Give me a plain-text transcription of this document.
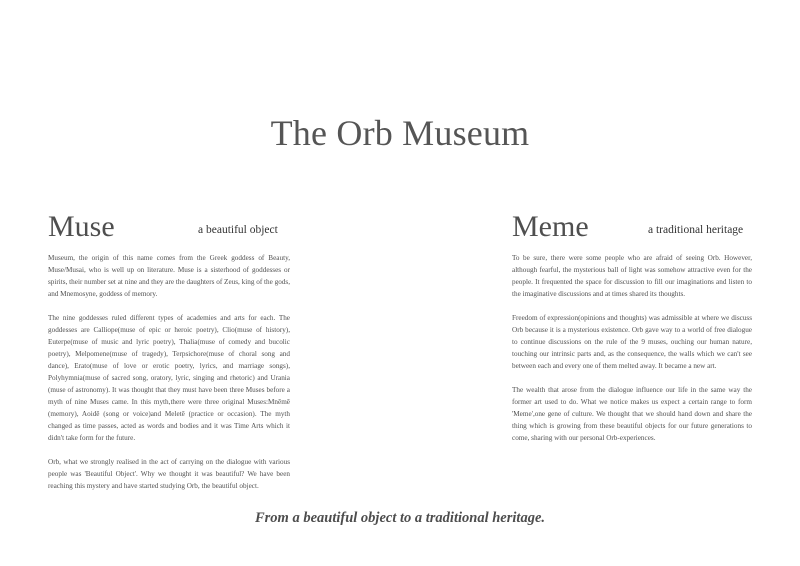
The Orb Museum
Muse	a beautiful object

Museum, the origin of this name comes from the Greek goddess of Beauty, Muse/Musai, who is well up on literature. Muse is a sisterhood of goddesses or spirits, their number set at nine and they are the daughters of Zeus, king of the gods, and Mnemosyne, goddess of memory.

The nine goddesses ruled different types of academies and arts for each. The goddesses are Calliope(muse of epic or heroic poetry), Clio(muse of history), Euterpe(muse of music and lyric poetry), Thalia(muse of comedy and bucolic poetry), Melpomene(muse of tragedy), Terpsichore(muse of choral song and dance), Erato(muse of love or erotic poetry, lyrics, and marriage songs), Polyhymnia(muse of sacred song, oratory, lyric, singing and rhetoric) and Urania (muse of astronomy). It was thought that they must have been three Muses before a myth of nine Muses came. In this myth,there were three original Muses:Mnēmē (memory), Aoidē (song or voice)and Meletē (practice or occasion). The myth changed as time passes, acted as words and bodies and it was Time Arts which it didn't take form for the future.

Orb, what we strongly realised in the act of carrying on the dialogue with various people was 'Beautiful Object'. Why we thought it was beautiful? We have been reaching this mystery and have started studying Orb, the beautiful object.

Meme	a traditional heritage

To be sure, there were some people who are afraid of seeing Orb. However, although fearful, the mysterious ball of light was somehow attractive even for the people. It frequented the space for discussion to fill our imaginations and listen to the imaginative discussions and at times shared its thoughts.

Freedom of expression(opinions and thoughts) was admissible at where we discuss Orb because it is a mysterious existence. Orb gave way to a world of free dialogue to continue discussions on the rule of the 9 muses, ouching our human nature, touching our intrinsic parts and, as the consequence, the walls which we can't see between each and every one of them melted away. It became a new art.

The wealth that arose from the dialogue influence our life in the same way the former art used to do. What we notice makes us expect a certain range to form 'Meme',one gene of culture. We thought that we should hand down and share the thing which is growing from these beautiful objects for our future generations to come, sharing with our personal Orb-experiences.

From a beautiful object to a traditional heritage.
